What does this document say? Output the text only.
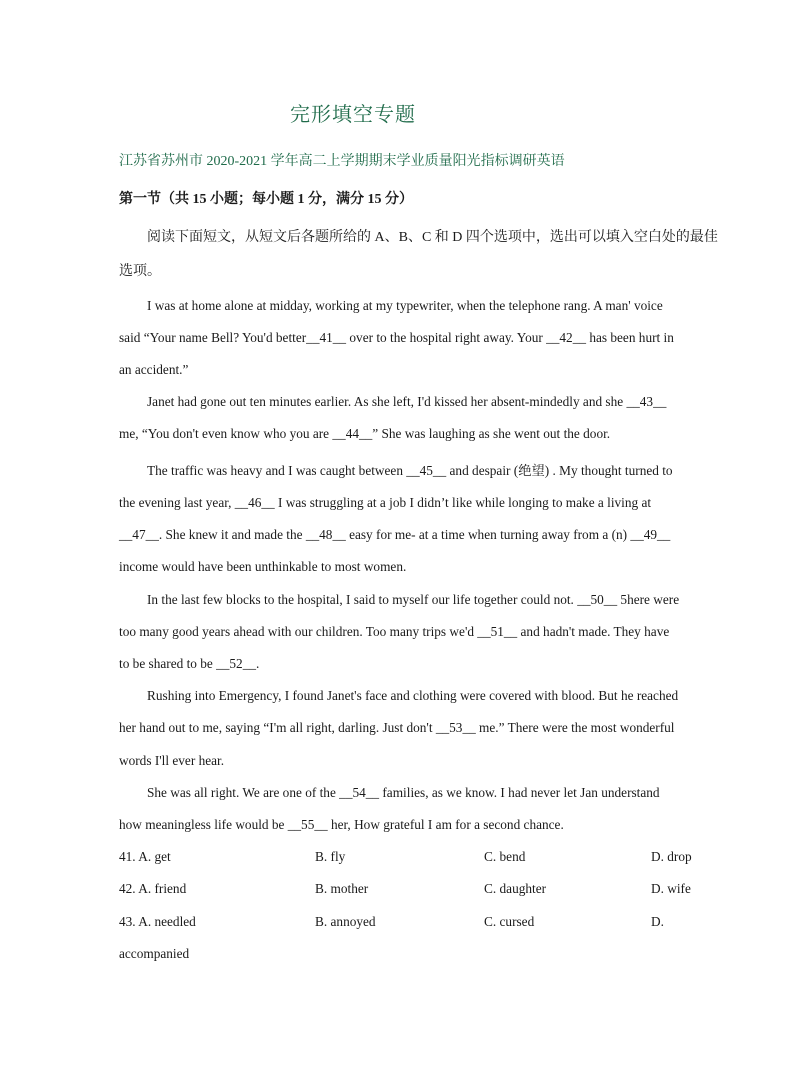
完形填空专题
江苏省苏州市 2020-2021 学年高二上学期期末学业质量阳光指标调研英语
第一节（共 15 小题；每小题 1 分，满分 15 分）
阅读下面短文，从短文后各题所给的 A、B、C 和 D 四个选项中，选出可以填入空白处的最佳
选项。
I was at home alone at midday, working at my typewriter, when the telephone rang. A man' voice
said “Your name Bell? You'd better__41__ over to the hospital right away. Your __42__ has been hurt in
an accident.”
Janet had gone out ten minutes earlier. As she left, I'd kissed her absent-mindedly and she __43__
me, “You don't even know who you are __44__” She was laughing as she went out the door.
The traffic was heavy and I was caught between __45__ and despair (绝望) . My thought turned to
the evening last year, __46__ I was struggling at a job I didn’t like while longing to make a living at
__47__. She knew it and made the __48__ easy for me- at a time when turning away from a (n) __49__
income would have been unthinkable to most women.
In the last few blocks to the hospital, I said to myself our life together could not. __50__ 5here were
too many good years ahead with our children. Too many trips we'd __51__ and hadn't made. They have
to be shared to be __52__.
Rushing into Emergency, I found Janet's face and clothing were covered with blood. But he reached
her hand out to me, saying “I'm all right, darling. Just don't __53__ me.” There were the most wonderful
words I'll ever hear.
She was all right. We are one of the __54__ families, as we know. I had never let Jan understand
how meaningless life would be __55__ her, How grateful I am for a second chance.
41. A. get	B. fly	C. bend	D. drop
42. A. friend	B. mother	C. daughter	D. wife
43. A. needled	B. annoyed	C. cursed	D.
accompanied
